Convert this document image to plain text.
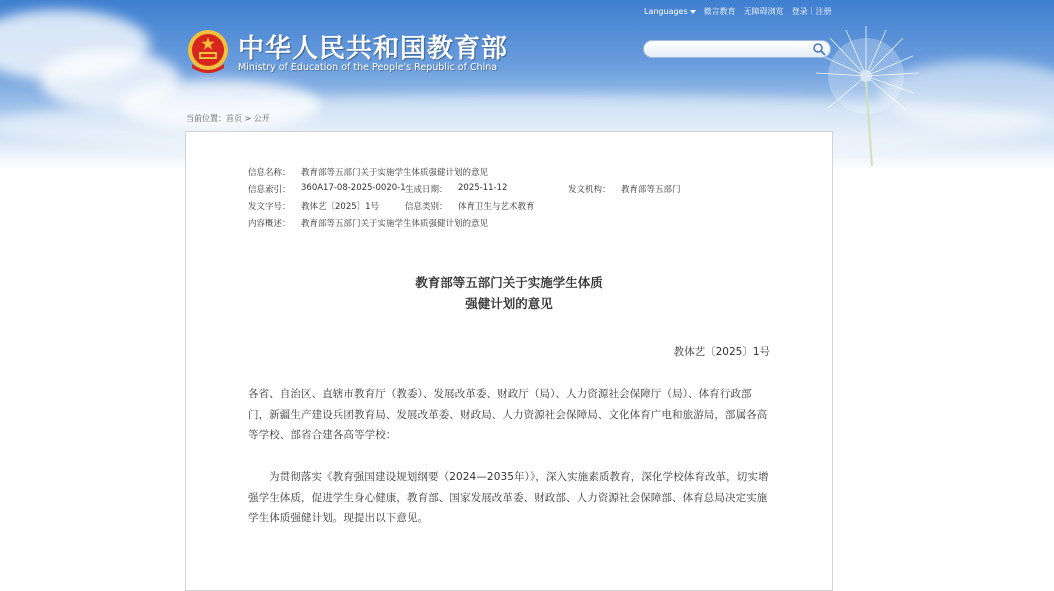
Languages	微言教育 无障碍浏览 登录｜注册
中华人民共和国教育部
Ministry of Education of the People's Republic of China
当前位置：首页 > 公开
信息名称： 教育部等五部门关于实施学生体质强健计划的意见
信息索引： 360A17-08-2025-0020-1 生成日期： 2025-11-12	发文机构： 教育部等五部门
发文字号： 教体艺〔2025〕1号	信息类别： 体育卫生与艺术教育
内容概述： 教育部等五部门关于实施学生体质强健计划的意见
教育部等五部门关于实施学生体质
强健计划的意见
教体艺〔2025〕1号

各省、自治区、直辖市教育厅（教委）、发展改革委、财政厅（局）、人力资源社会保障厅（局）、体育行政部门，新疆生产建设兵团教育局、发展改革委、财政局、人力资源社会保障局、文化体育广电和旅游局，部属各高等学校、部省合建各高等学校：

为贯彻落实《教育强国建设规划纲要（2024—2035年）》，深入实施素质教育，深化学校体育改革，切实增强学生体质，促进学生身心健康，教育部、国家发展改革委、财政部、人力资源社会保障部、体育总局决定实施学生体质强健计划。现提出以下意见。
